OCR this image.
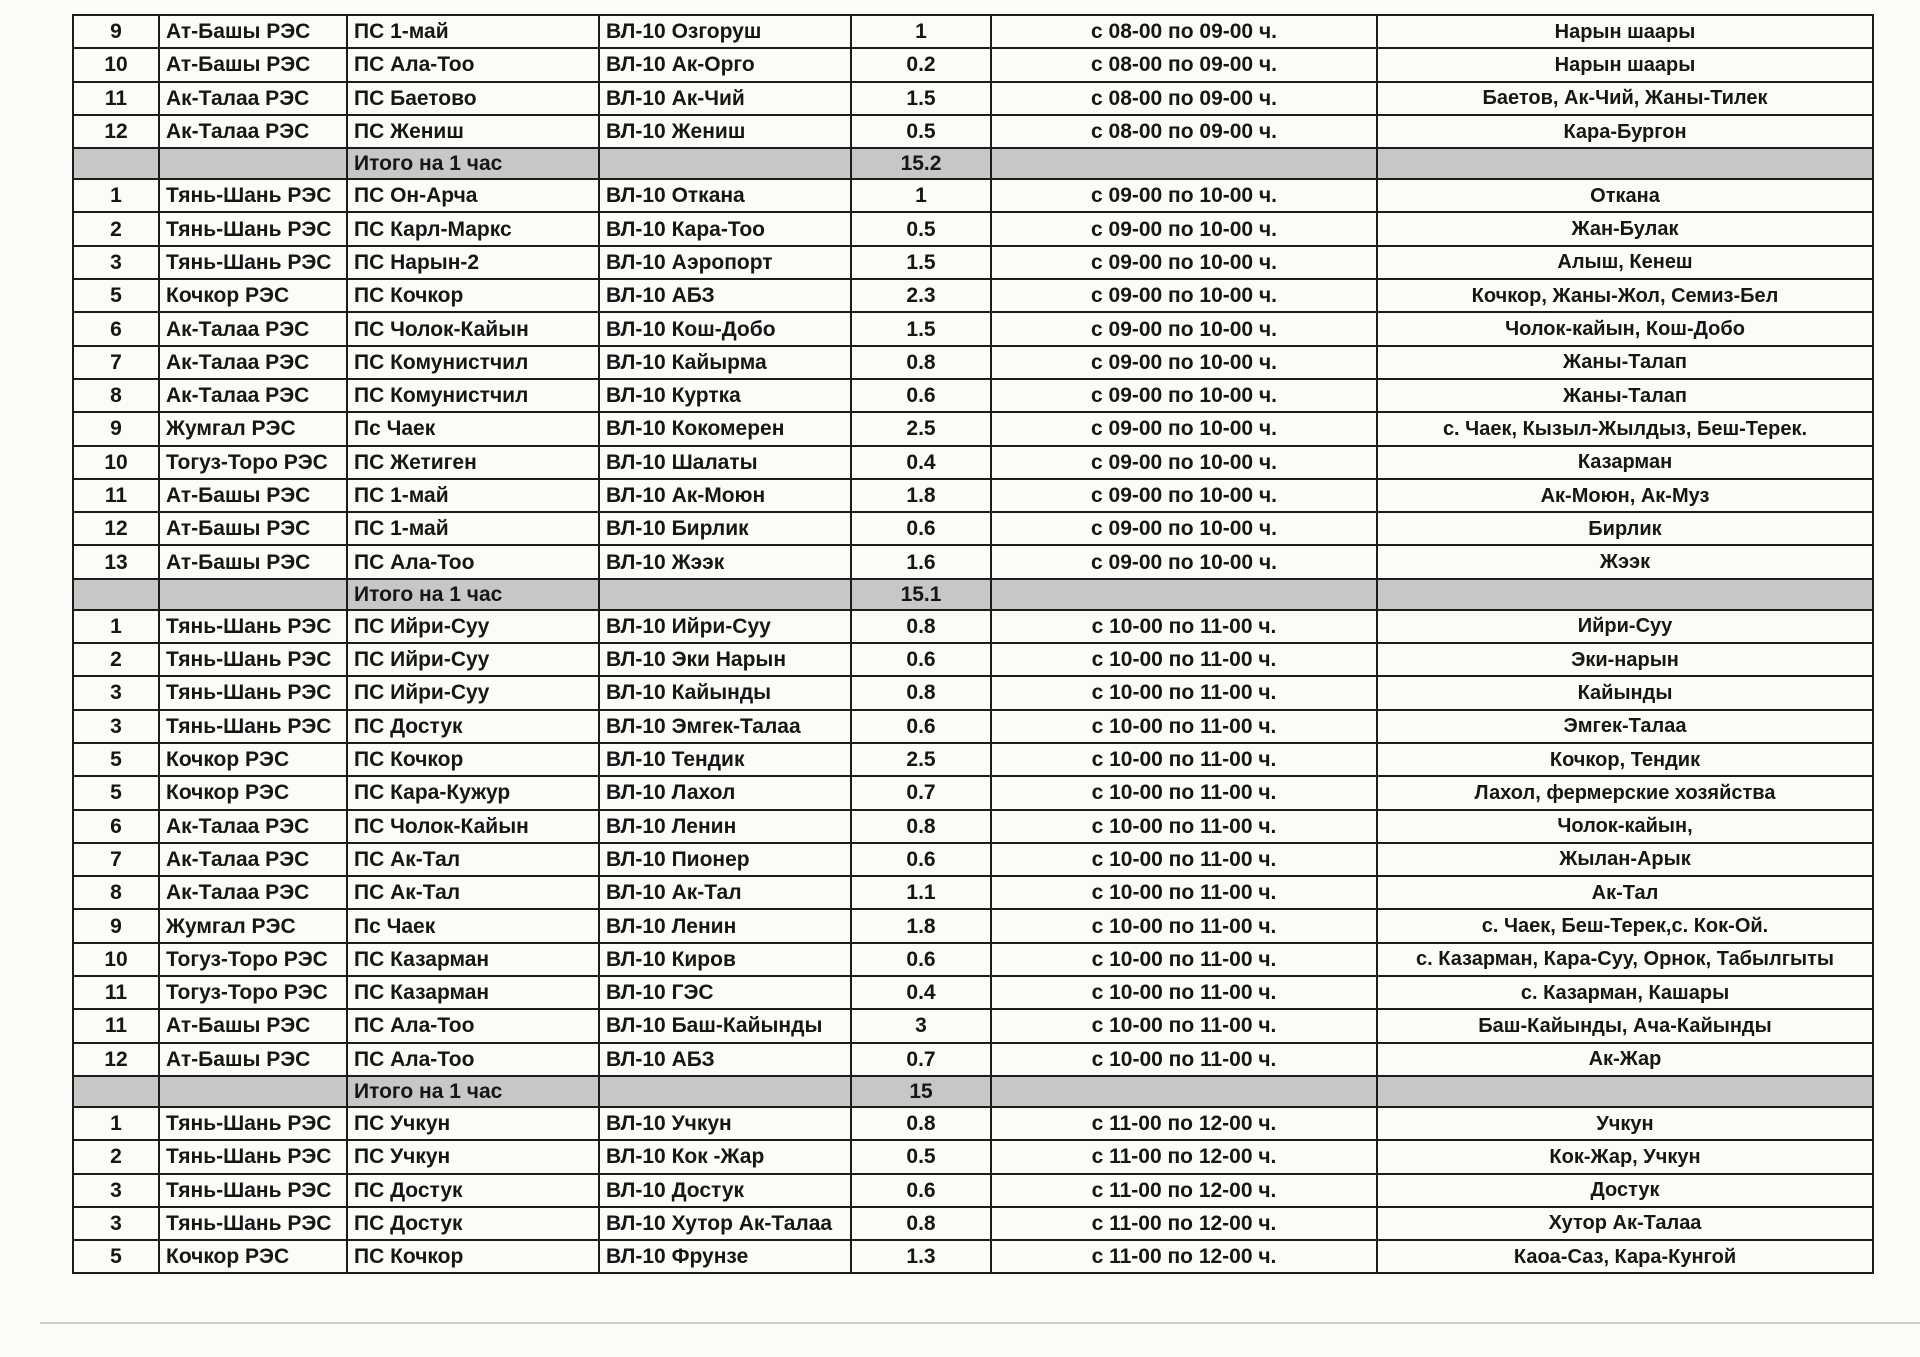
9	Ат-Башы РЭС	ПС 1-май	ВЛ-10 Озгоруш	1	с 08-00 по 09-00 ч.	Нарын шаары
10	Ат-Башы РЭС	ПС Ала-Тоо	ВЛ-10 Ак-Орго	0.2	с 08-00 по 09-00 ч.	Нарын шаары
11	Ак-Талаа РЭС	ПС Баетово	ВЛ-10 Ак-Чий	1.5	с 08-00 по 09-00 ч.	Баетов, Ак-Чий, Жаны-Тилек
12	Ак-Талаа РЭС	ПС Жениш	ВЛ-10 Жениш	0.5	с 08-00 по 09-00 ч.	Кара-Бургон
		Итого на 1 час		15.2		
1	Тянь-Шань РЭС	ПС Он-Арча	ВЛ-10 Откана	1	с 09-00 по 10-00 ч.	Откана
2	Тянь-Шань РЭС	ПС Карл-Маркс	ВЛ-10 Кара-Тоо	0.5	с 09-00 по 10-00 ч.	Жан-Булак
3	Тянь-Шань РЭС	ПС Нарын-2	ВЛ-10 Аэропорт	1.5	с 09-00 по 10-00 ч.	Алыш, Кенеш
5	Кочкор РЭС	ПС Кочкор	ВЛ-10 АБЗ	2.3	с 09-00 по 10-00 ч.	Кочкор, Жаны-Жол, Семиз-Бел
6	Ак-Талаа РЭС	ПС Чолок-Кайын	ВЛ-10 Кош-Добо	1.5	с 09-00 по 10-00 ч.	Чолок-кайын, Кош-Добо
7	Ак-Талаа РЭС	ПС Комунистчил	ВЛ-10 Кайырма	0.8	с 09-00 по 10-00 ч.	Жаны-Талап
8	Ак-Талаа РЭС	ПС Комунистчил	ВЛ-10 Куртка	0.6	с 09-00 по 10-00 ч.	Жаны-Талап
9	Жумгал РЭС	Пс Чаек	ВЛ-10 Кокомерен	2.5	с 09-00 по 10-00 ч.	с. Чаек, Кызыл-Жылдыз, Беш-Терек.
10	Тогуз-Торо РЭС	ПС Жетиген	ВЛ-10 Шалаты	0.4	с 09-00 по 10-00 ч.	Казарман
11	Ат-Башы РЭС	ПС 1-май	ВЛ-10 Ак-Моюн	1.8	с 09-00 по 10-00 ч.	Ак-Моюн, Ак-Муз
12	Ат-Башы РЭС	ПС 1-май	ВЛ-10 Бирлик	0.6	с 09-00 по 10-00 ч.	Бирлик
13	Ат-Башы РЭС	ПС Ала-Тоо	ВЛ-10 Жээк	1.6	с 09-00 по 10-00 ч.	Жээк
		Итого на 1 час		15.1		
1	Тянь-Шань РЭС	ПС Ийри-Суу	ВЛ-10 Ийри-Суу	0.8	с 10-00 по 11-00 ч.	Ийри-Суу
2	Тянь-Шань РЭС	ПС Ийри-Суу	ВЛ-10 Эки Нарын	0.6	с 10-00 по 11-00 ч.	Эки-нарын
3	Тянь-Шань РЭС	ПС Ийри-Суу	ВЛ-10 Кайынды	0.8	с 10-00 по 11-00 ч.	Кайынды
3	Тянь-Шань РЭС	ПС Достук	ВЛ-10 Эмгек-Талаа	0.6	с 10-00 по 11-00 ч.	Эмгек-Талаа
5	Кочкор РЭС	ПС Кочкор	ВЛ-10 Тендик	2.5	с 10-00 по 11-00 ч.	Кочкор, Тендик
5	Кочкор РЭС	ПС Кара-Кужур	ВЛ-10 Лахол	0.7	с 10-00 по 11-00 ч.	Лахол, фермерские хозяйства
6	Ак-Талаа РЭС	ПС Чолок-Кайын	ВЛ-10 Ленин	0.8	с 10-00 по 11-00 ч.	Чолок-кайын,
7	Ак-Талаа РЭС	ПС Ак-Тал	ВЛ-10 Пионер	0.6	с 10-00 по 11-00 ч.	Жылан-Арык
8	Ак-Талаа РЭС	ПС Ак-Тал	ВЛ-10 Ак-Тал	1.1	с 10-00 по 11-00 ч.	Ак-Тал
9	Жумгал РЭС	Пс Чаек	ВЛ-10 Ленин	1.8	с 10-00 по 11-00 ч.	с. Чаек, Беш-Терек,с. Кок-Ой.
10	Тогуз-Торо РЭС	ПС Казарман	ВЛ-10 Киров	0.6	с 10-00 по 11-00 ч.	с. Казарман, Кара-Суу, Орнок, Табылгыты
11	Тогуз-Торо РЭС	ПС Казарман	ВЛ-10 ГЭС	0.4	с 10-00 по 11-00 ч.	с. Казарман, Кашары
11	Ат-Башы РЭС	ПС Ала-Тоо	ВЛ-10 Баш-Кайынды	3	с 10-00 по 11-00 ч.	Баш-Кайынды, Ача-Кайынды
12	Ат-Башы РЭС	ПС Ала-Тоо	ВЛ-10 АБЗ	0.7	с 10-00 по 11-00 ч.	Ак-Жар
		Итого на 1 час		15		
1	Тянь-Шань РЭС	ПС Учкун	ВЛ-10 Учкун	0.8	с 11-00 по 12-00 ч.	Учкун
2	Тянь-Шань РЭС	ПС Учкун	ВЛ-10 Кок -Жар	0.5	с 11-00 по 12-00 ч.	Кок-Жар, Учкун
3	Тянь-Шань РЭС	ПС Достук	ВЛ-10 Достук	0.6	с 11-00 по 12-00 ч.	Достук
3	Тянь-Шань РЭС	ПС Достук	ВЛ-10 Хутор Ак-Талаа	0.8	с 11-00 по 12-00 ч.	Хутор Ак-Талаа
5	Кочкор РЭС	ПС Кочкор	ВЛ-10 Фрунзе	1.3	с 11-00 по 12-00 ч.	Каоа-Саз, Кара-Кунгой
